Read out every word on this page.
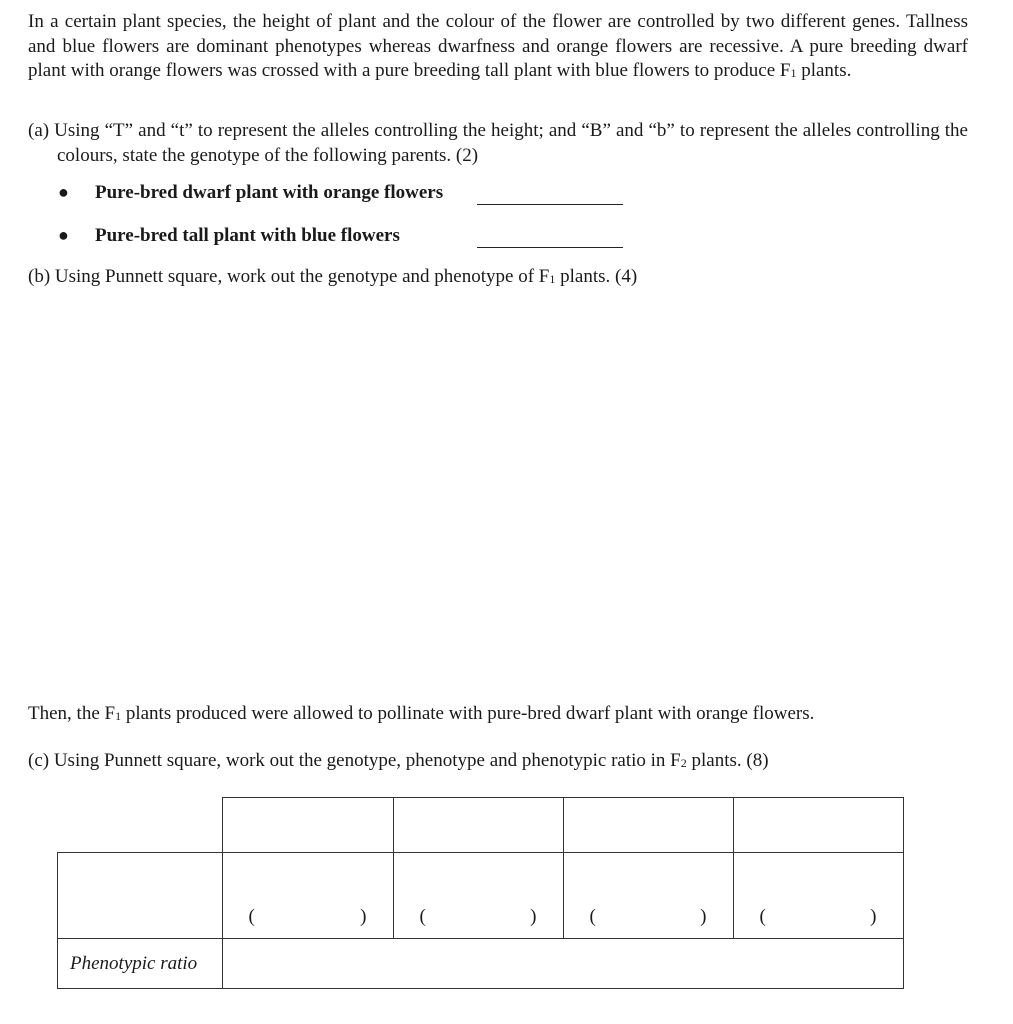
In a certain plant species, the height of plant and the colour of the flower are controlled by two different genes. Tallness and blue flowers are dominant phenotypes whereas dwarfness and orange flowers are recessive. A pure breeding dwarf plant with orange flowers was crossed with a pure breeding tall plant with blue flowers to produce $F_1$ plants.
(a) Using “T” and “t” to represent the alleles controlling the height; and “B” and “b” to represent the alleles controlling the colours, state the genotype of the following parents. (2)
●	Pure-bred dwarf plant with orange flowers
●	Pure-bred tall plant with blue flowers
(b) Using Punnett square, work out the genotype and phenotype of $F_1$ plants. (4)
Then, the $F_1$ plants produced were allowed to pollinate with pure-bred dwarf plant with orange flowers.
(c) Using Punnett square, work out the genotype, phenotype and phenotypic ratio in $F_2$ plants. (8)

	( )	( )	( )	( )

Phenotypic ratio				
